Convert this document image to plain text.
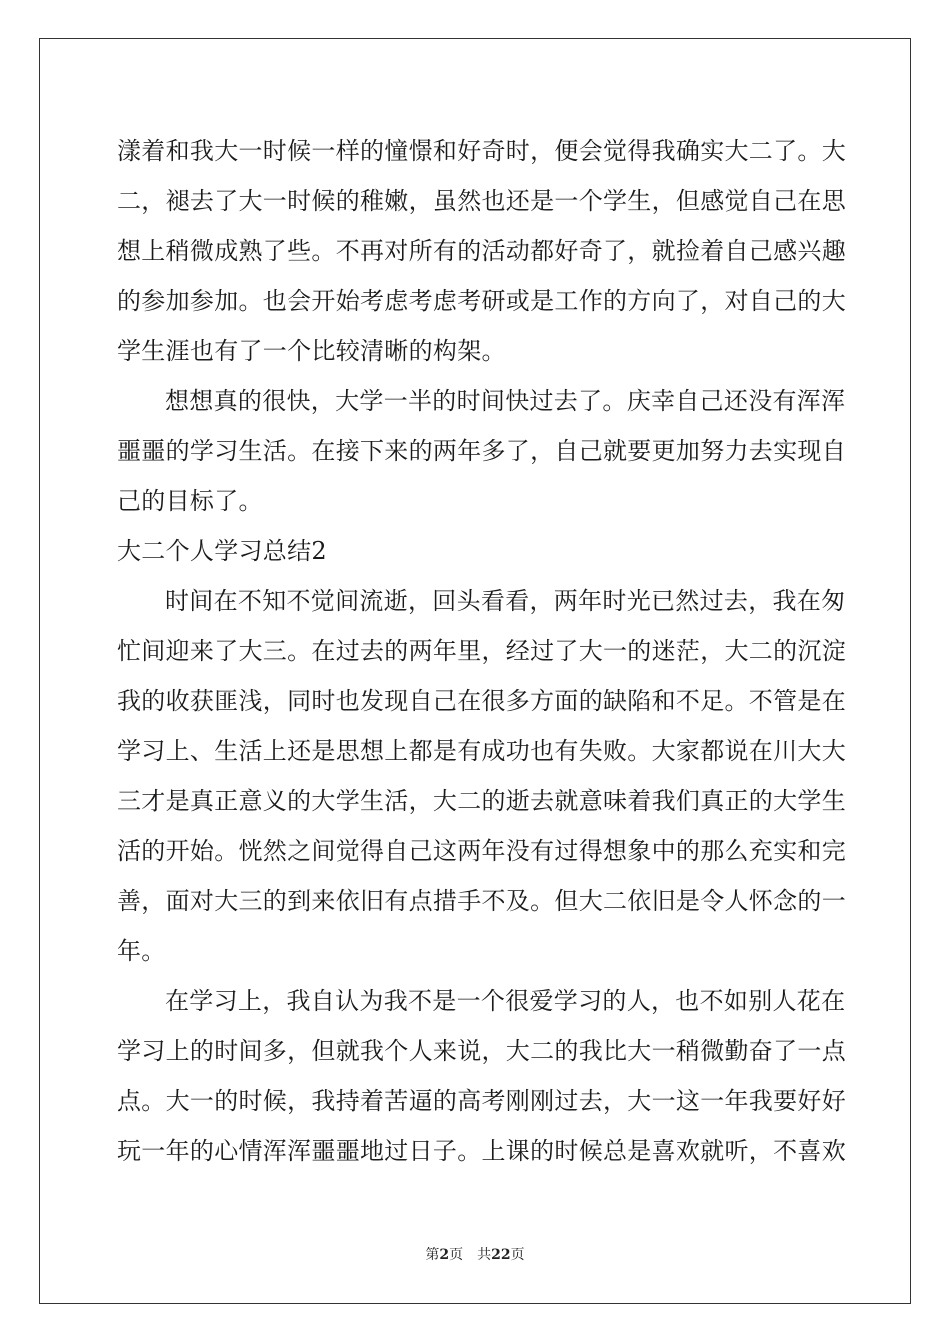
漾着和我大一时候一样的憧憬和好奇时，便会觉得我确实大二了。大
二，褪去了大一时候的稚嫩，虽然也还是一个学生，但感觉自己在思
想上稍微成熟了些。不再对所有的活动都好奇了，就捡着自己感兴趣
的参加参加。也会开始考虑考虑考研或是工作的方向了，对自己的大
学生涯也有了一个比较清晰的构架。
想想真的很快，大学一半的时间快过去了。庆幸自己还没有浑浑
噩噩的学习生活。在接下来的两年多了，自己就要更加努力去实现自
己的目标了。
大二个人学习总结2
时间在不知不觉间流逝，回头看看，两年时光已然过去，我在匆
忙间迎来了大三。在过去的两年里，经过了大一的迷茫，大二的沉淀
我的收获匪浅，同时也发现自己在很多方面的缺陷和不足。不管是在
学习上、生活上还是思想上都是有成功也有失败。大家都说在川大大
三才是真正意义的大学生活，大二的逝去就意味着我们真正的大学生
活的开始。恍然之间觉得自己这两年没有过得想象中的那么充实和完
善，面对大三的到来依旧有点措手不及。但大二依旧是令人怀念的一
年。
在学习上，我自认为我不是一个很爱学习的人，也不如别人花在
学习上的时间多，但就我个人来说，大二的我比大一稍微勤奋了一点
点。大一的时候，我持着苦逼的高考刚刚过去，大一这一年我要好好
玩一年的心情浑浑噩噩地过日子。上课的时候总是喜欢就听，不喜欢
第2页　共22页
